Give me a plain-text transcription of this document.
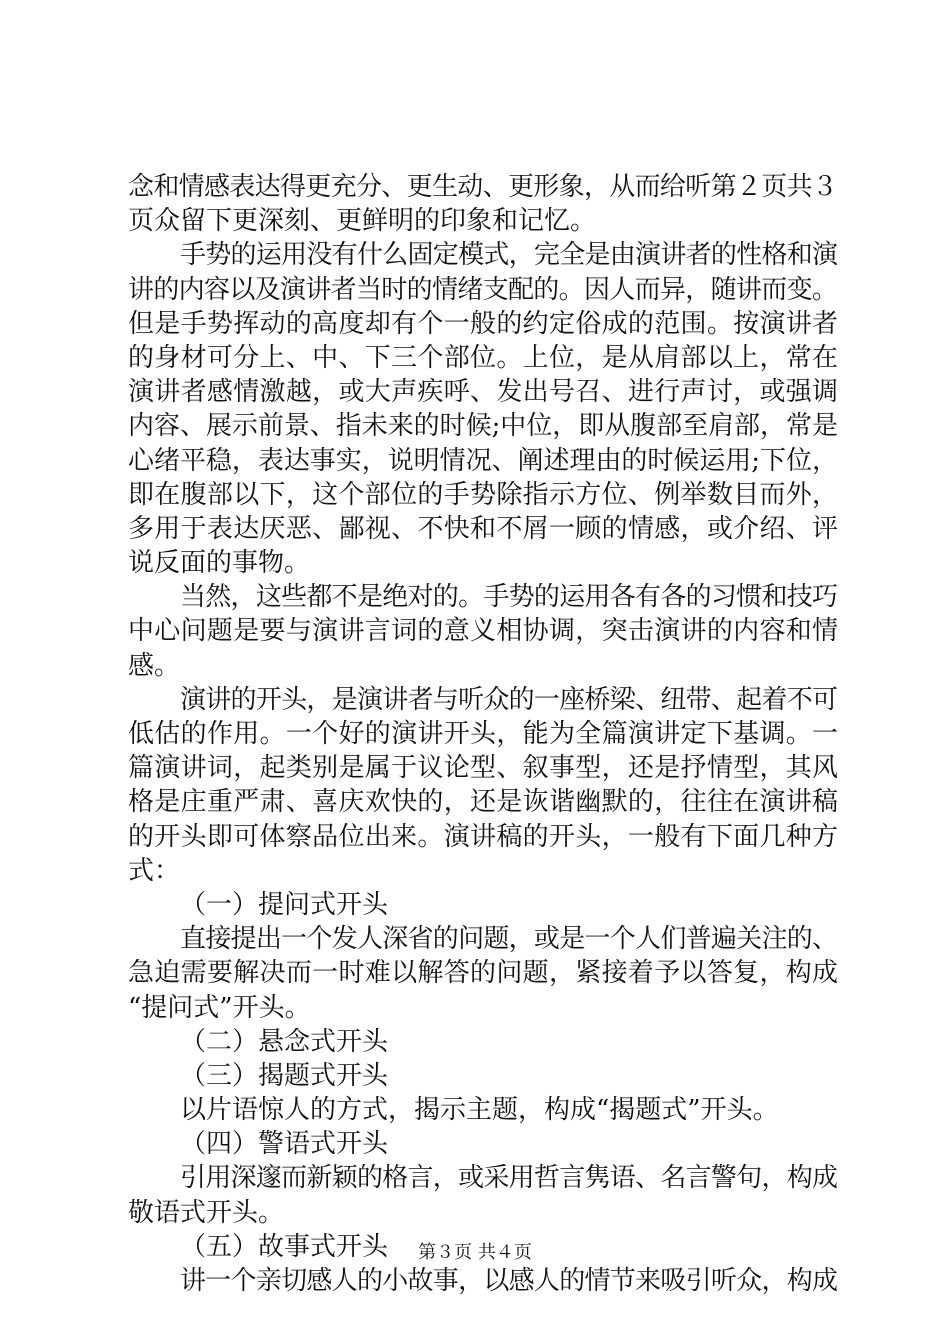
念和情感表达得更充分、更生动、更形象，从而给听第２页共３
页众留下更深刻、更鲜明的印象和记忆。
手势的运用没有什么固定模式，完全是由演讲者的性格和演
讲的内容以及演讲者当时的情绪支配的。因人而异，随讲而变。
但是手势挥动的高度却有个一般的约定俗成的范围。按演讲者
的身材可分上、中、下三个部位。上位，是从肩部以上，常在
演讲者感情激越，或大声疾呼、发出号召、进行声讨，或强调
内容、展示前景、指未来的时候;中位，即从腹部至肩部，常是
心绪平稳，表达事实，说明情况、阐述理由的时候运用;下位，
即在腹部以下，这个部位的手势除指示方位、例举数目而外，
多用于表达厌恶、鄙视、不快和不屑一顾的情感，或介绍、评
说反面的事物。
当然，这些都不是绝对的。手势的运用各有各的习惯和技巧
中心问题是要与演讲言词的意义相协调，突击演讲的内容和情
感。
演讲的开头，是演讲者与听众的一座桥梁、纽带、起着不可
低估的作用。一个好的演讲开头，能为全篇演讲定下基调。一
篇演讲词，起类别是属于议论型、叙事型，还是抒情型，其风
格是庄重严肃、喜庆欢快的，还是诙谐幽默的，往往在演讲稿
的开头即可体察品位出来。演讲稿的开头，一般有下面几种方
式：
（一）提问式开头
直接提出一个发人深省的问题，或是一个人们普遍关注的、
急迫需要解决而一时难以解答的问题，紧接着予以答复，构成
“提问式”开头。
（二）悬念式开头
（三）揭题式开头
以片语惊人的方式，揭示主题，构成“揭题式”开头。
（四）警语式开头
引用深邃而新颖的格言，或采用哲言隽语、名言警句，构成
敬语式开头。
（五）故事式开头
讲一个亲切感人的小故事，以感人的情节来吸引听众，构成
第３页 共４页
